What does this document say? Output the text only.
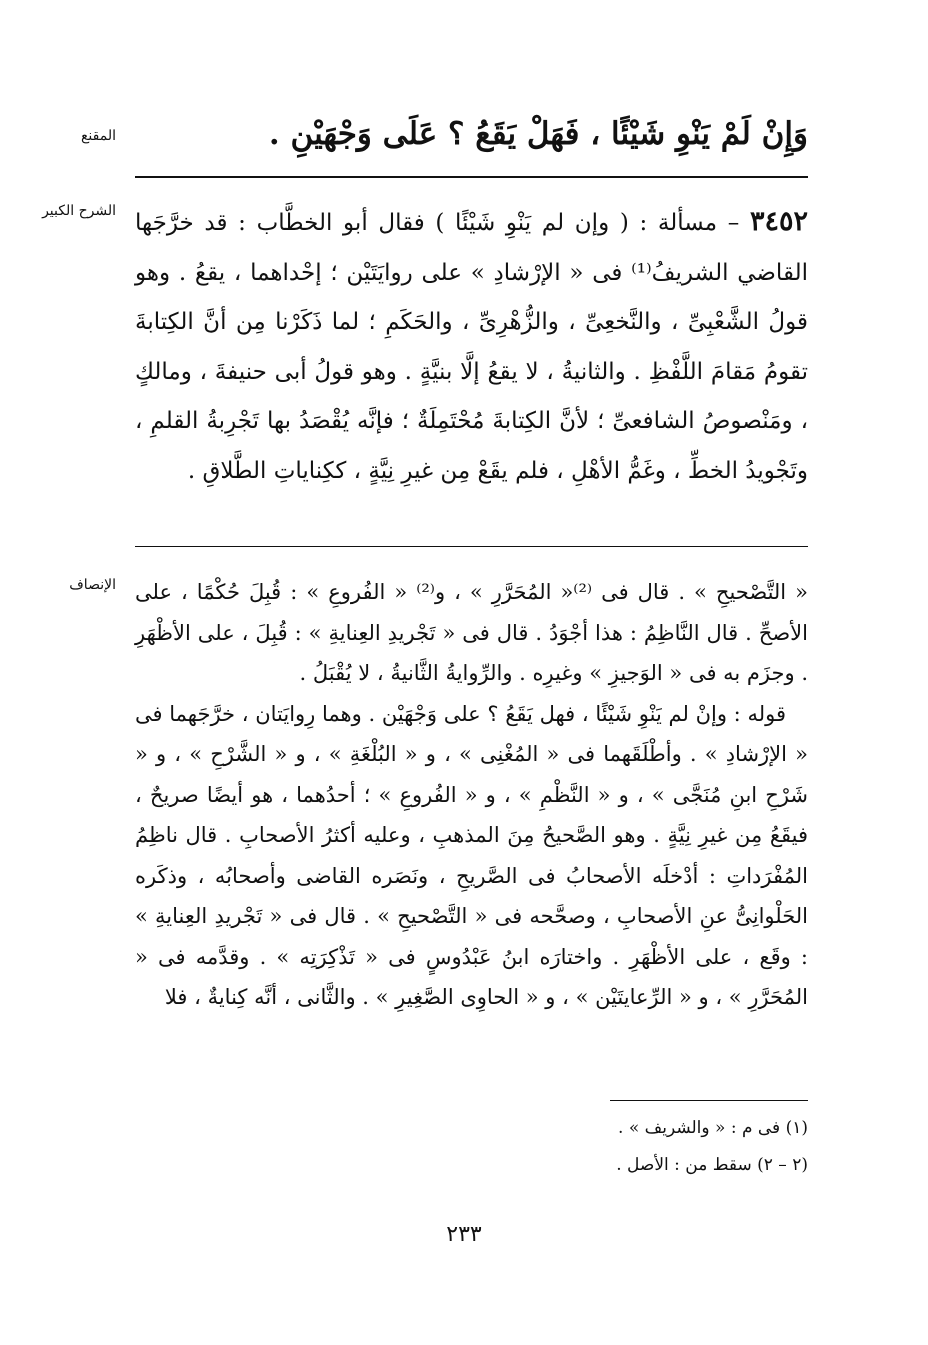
المقنع	وَإِنْ لَمْ يَنْوِ شَيْئًا ، فَهَلْ يَقَعُ ؟ عَلَى وَجْهَيْنِ .
الشرح الكبير	٣٤٥٢ – مسألة : ( وإن لم يَنْوِ شَيْئًا ) فقال أبو الخطَّاب : قد خرَّجَها القاضي الشريفُ⁽¹⁾ فى « الإرْشادِ » على روايَتَيْن ؛ إحْداهما ، يقعُ . وهو قولُ الشَّعْبِىِّ ، والنَّخعِىِّ ، والزُّهْرِىِّ ، والحَكَمِ ؛ لما ذَكَرْنا مِن أنَّ الكِتابةَ تقومُ مَقامَ اللَّفْظِ . والثانيةُ ، لا يقعُ إلَّا بنيَّةٍ . وهو قولُ أبى حنيفةَ ، ومالكٍ ، ومَنْصوصُ الشافعىِّ ؛ لأنَّ الكِتابةَ مُحْتَمِلَةٌ ؛ فإنَّه يُقْصَدُ بها تَجْرِبةُ القلمِ ، وتَجْويدُ الخطِّ ، وغَمُّ الأهْلِ ، فلم يقَعْ مِن غيرِ نِيَّةٍ ، ككِناياتِ الطَّلاقِ .

الإنصاف « التَّصْحيحِ » . قال فى ⁽²⁾« المُحَرَّرِ » ، و⁽²⁾ « الفُروعِ » : قُبِلَ حُكْمًا ، على الأصحِّ . قال النَّاظِمُ : هذا أجْوَدُ . قال فى « تَجْريدِ العِنايةِ » : قُبِلَ ، على الأظْهَرِ . وجزَم به فى « الوَجيزِ » وغيرِه . والرِّوايةُ الثَّانيةُ ، لا يُقْبَلُ .

قوله : وإنْ لم يَنْوِ شَيْئًا ، فهل يَقَعُ ؟ على وَجْهَيْن . وهما رِوايَتان ، خرَّجَهما فى « الإرْشادِ » . وأطْلَقَهما فى « المُغْنِى » ، و « البُلْغَةِ » ، و « الشَّرْحِ » ، و « شَرْحِ ابنِ مُنَجَّى » ، و « النَّظْمِ » ، و « الفُروعِ » ؛ أحدُهما ، هو أيضًا صريحٌ ، فيقَعُ مِن غيرِ نِيَّةٍ . وهو الصَّحيحُ مِنَ المذهبِ ، وعليه أكثرُ الأصحابِ . قال ناظِمُ المُفْرَداتِ : أدْخلَه الأصحابُ فى الصَّريحِ ، ونَصَره القاضى وأصحابُه ، وذكَره الحَلْوانِىُّ عنِ الأصحابِ ، وصحَّحه فى « التَّصْحيحِ » . قال فى « تَجْريدِ العِنايةِ » : وقَع ، على الأظْهَرِ . واختارَه ابنُ عَبْدُوسٍ فى « تَذْكِرَتِه » . وقدَّمه فى « المُحَرَّرِ » ، و « الرِّعايتَيْن » ، و « الحاوِى الصَّغِيرِ » . والثَّانى ، أنَّه كِنايةٌ ، فلا

(١) فى م : « والشريف » .

(٢ – ٢) سقط من : الأصل .

٢٣٣
